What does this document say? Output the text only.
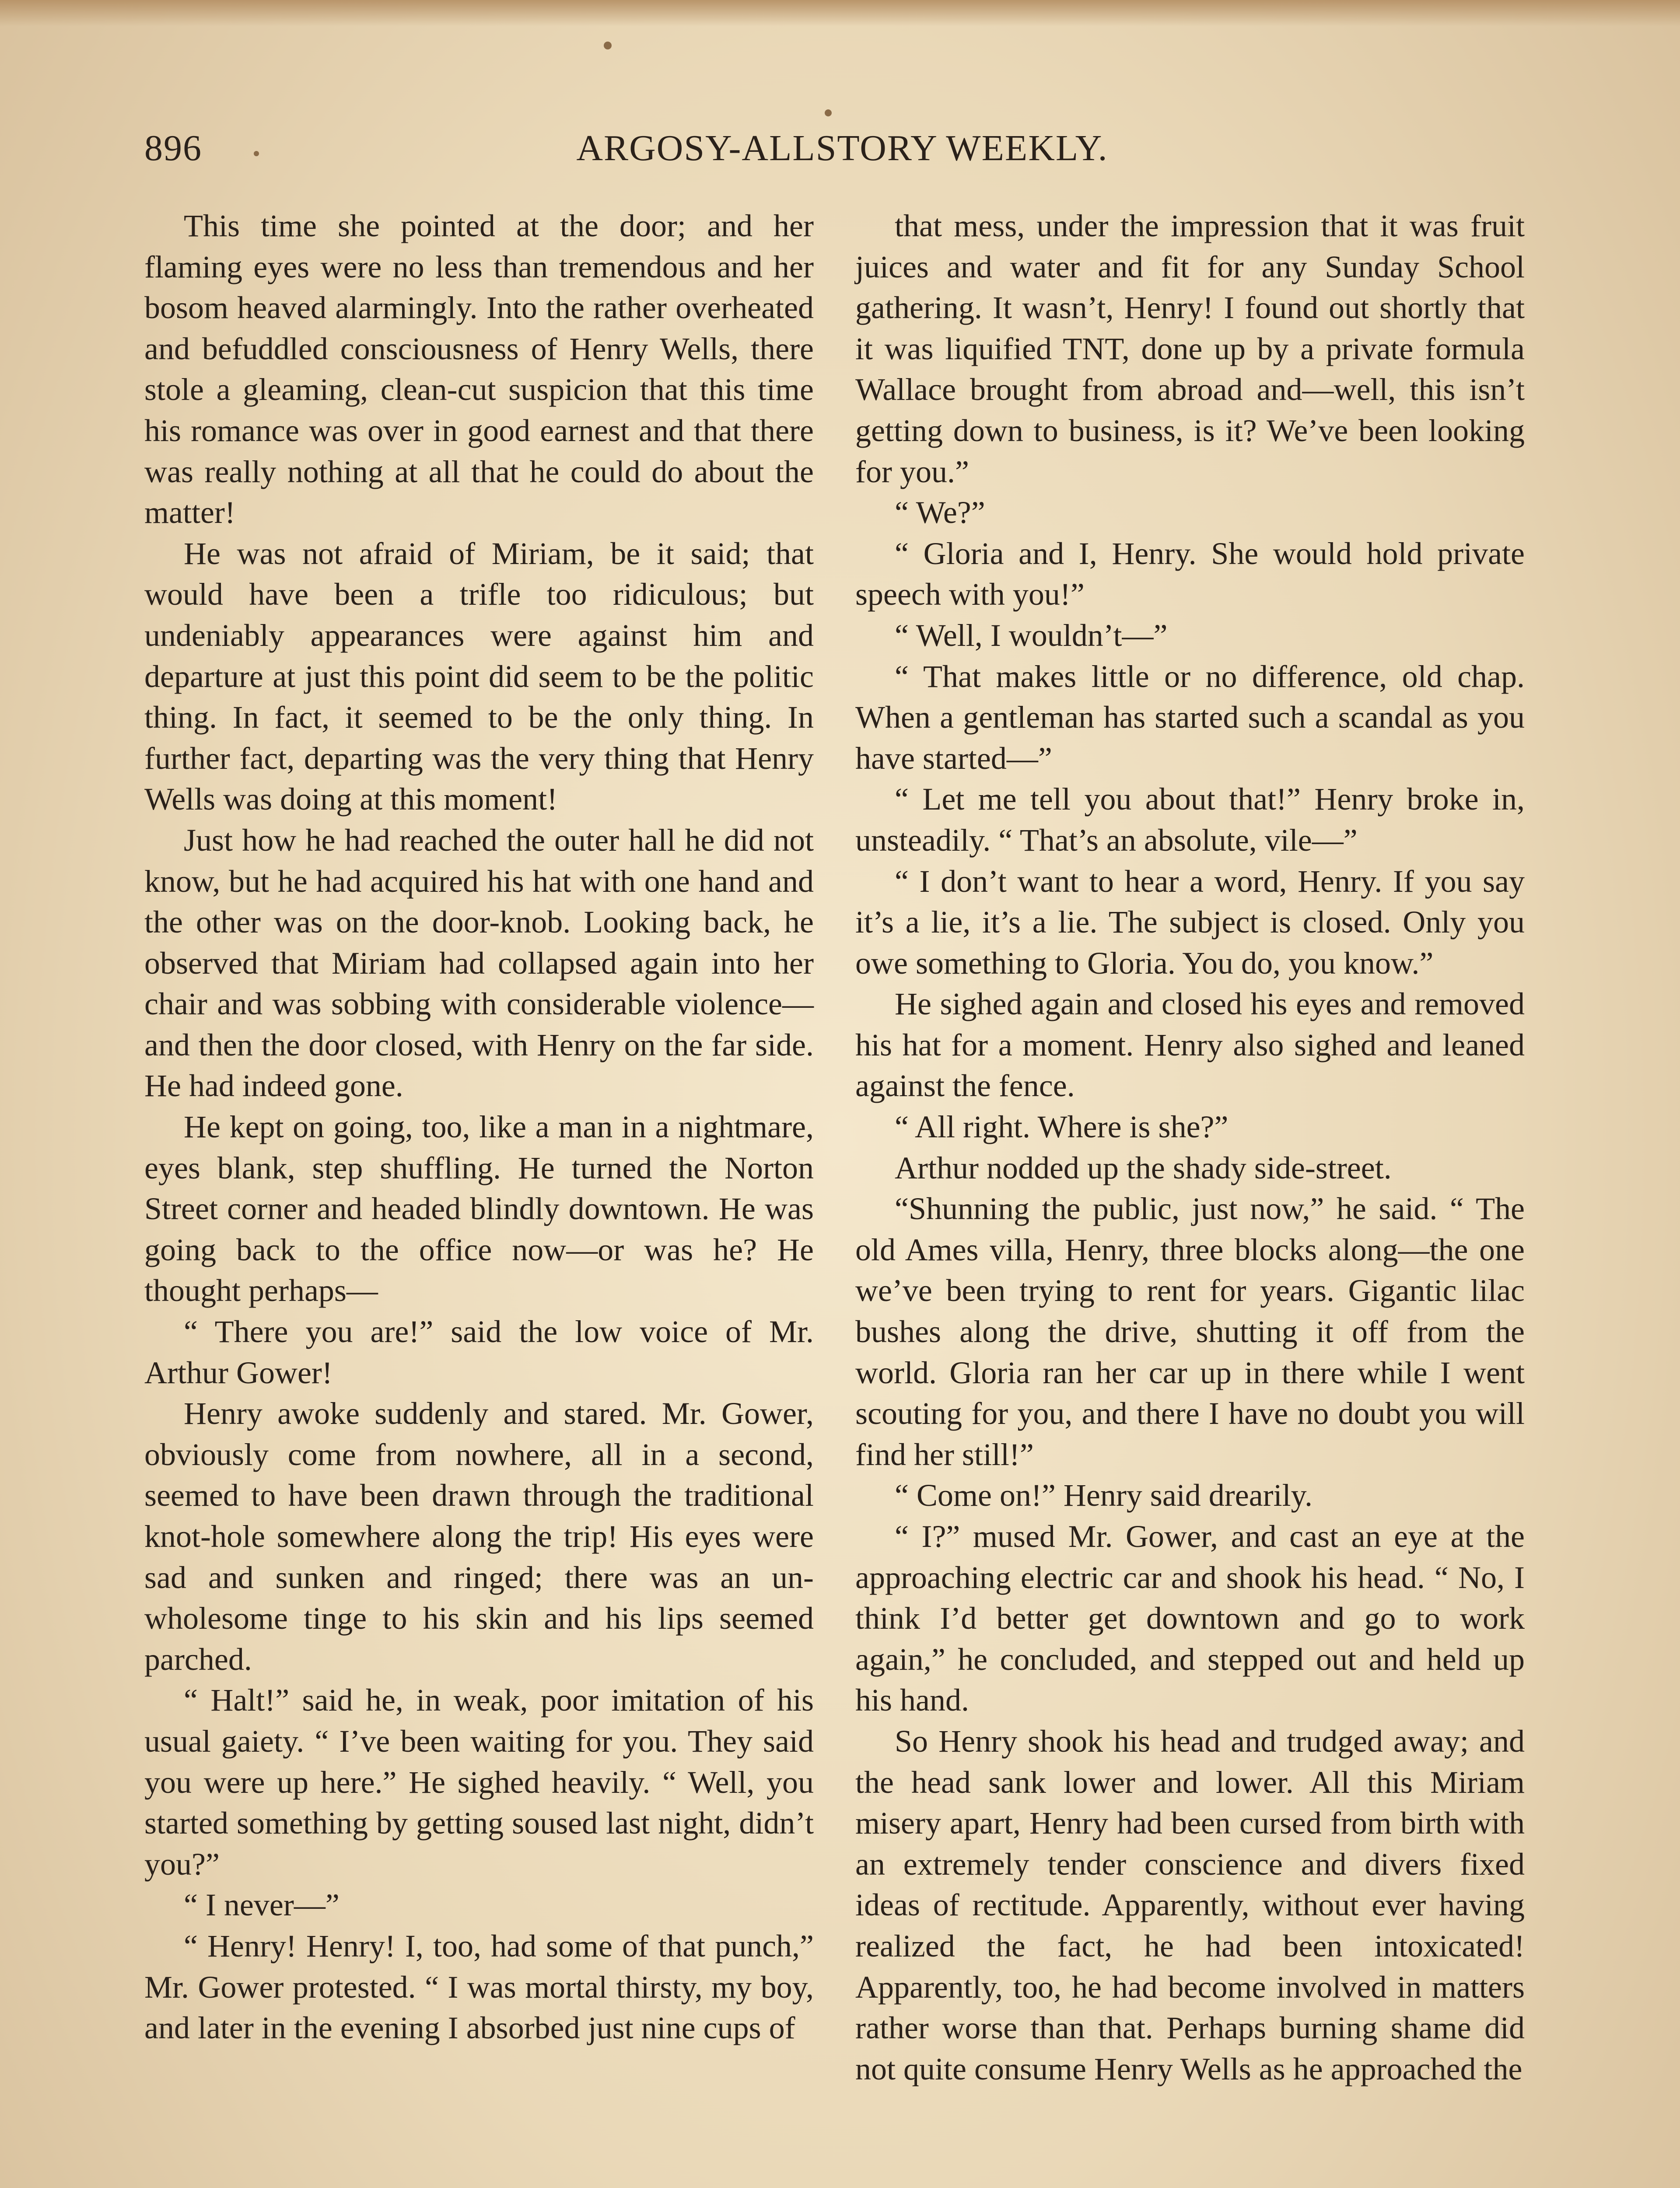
896	ARGOSY-ALLSTORY WEEKLY.

This time she pointed at the door; and her flaming eyes were no less than tremendous and her bosom heaved alarmingly. Into the rather overheated and befuddled consciousness of Henry Wells, there stole a gleaming, clean-cut suspicion that this time his romance was over in good earnest and that there was really nothing at all that he could do about the matter!

He was not afraid of Miriam, be it said; that would have been a trifle too ridiculous; but undeniably appearances were against him and departure at just this point did seem to be the politic thing. In fact, it seemed to be the only thing. In further fact, departing was the very thing that Henry Wells was doing at this moment!

Just how he had reached the outer hall he did not know, but he had acquired his hat with one hand and the other was on the door-knob. Looking back, he observed that Miriam had collapsed again into her chair and was sobbing with considerable violence—and then the door closed, with Henry on the far side. He had indeed gone.

He kept on going, too, like a man in a nightmare, eyes blank, step shuffling. He turned the Norton Street corner and headed blindly downtown. He was going back to the office now—or was he? He thought perhaps—

“ There you are!” said the low voice of Mr. Arthur Gower!

Henry awoke suddenly and stared. Mr. Gower, obviously come from nowhere, all in a second, seemed to have been drawn through the traditional knot-hole somewhere along the trip! His eyes were sad and sunken and ringed; there was an unwholesome tinge to his skin and his lips seemed parched.

“ Halt!” said he, in weak, poor imitation of his usual gaiety. “ I’ve been waiting for you. They said you were up here.” He sighed heavily. “ Well, you started something by getting soused last night, didn’t you?”

“ I never—”

“ Henry! Henry! I, too, had some of that punch,” Mr. Gower protested. “ I was mortal thirsty, my boy, and later in the evening I absorbed just nine cups of

that mess, under the impression that it was fruit juices and water and fit for any Sunday School gathering. It wasn’t, Henry! I found out shortly that it was liquified TNT, done up by a private formula Wallace brought from abroad and—well, this isn’t getting down to business, is it? We’ve been looking for you.”

“ We?”

“ Gloria and I, Henry. She would hold private speech with you!”

“ Well, I wouldn’t—”

“ That makes little or no difference, old chap. When a gentleman has started such a scandal as you have started—”

“ Let me tell you about that!” Henry broke in, unsteadily. “ That’s an absolute, vile—”

“ I don’t want to hear a word, Henry. If you say it’s a lie, it’s a lie. The subject is closed. Only you owe something to Gloria. You do, you know.”

He sighed again and closed his eyes and removed his hat for a moment. Henry also sighed and leaned against the fence.

“ All right. Where is she?”

Arthur nodded up the shady side-street.

“Shunning the public, just now,” he said. “ The old Ames villa, Henry, three blocks along—the one we’ve been trying to rent for years. Gigantic lilac bushes along the drive, shutting it off from the world. Gloria ran her car up in there while I went scouting for you, and there I have no doubt you will find her still!”

“ Come on!” Henry said drearily.

“ I?” mused Mr. Gower, and cast an eye at the approaching electric car and shook his head. “ No, I think I’d better get downtown and go to work again,” he concluded, and stepped out and held up his hand.

So Henry shook his head and trudged away; and the head sank lower and lower. All this Miriam misery apart, Henry had been cursed from birth with an extremely tender conscience and divers fixed ideas of rectitude. Apparently, without ever having realized the fact, he had been intoxicated! Apparently, too, he had become involved in matters rather worse than that. Perhaps burning shame did not quite consume Henry Wells as he approached the
